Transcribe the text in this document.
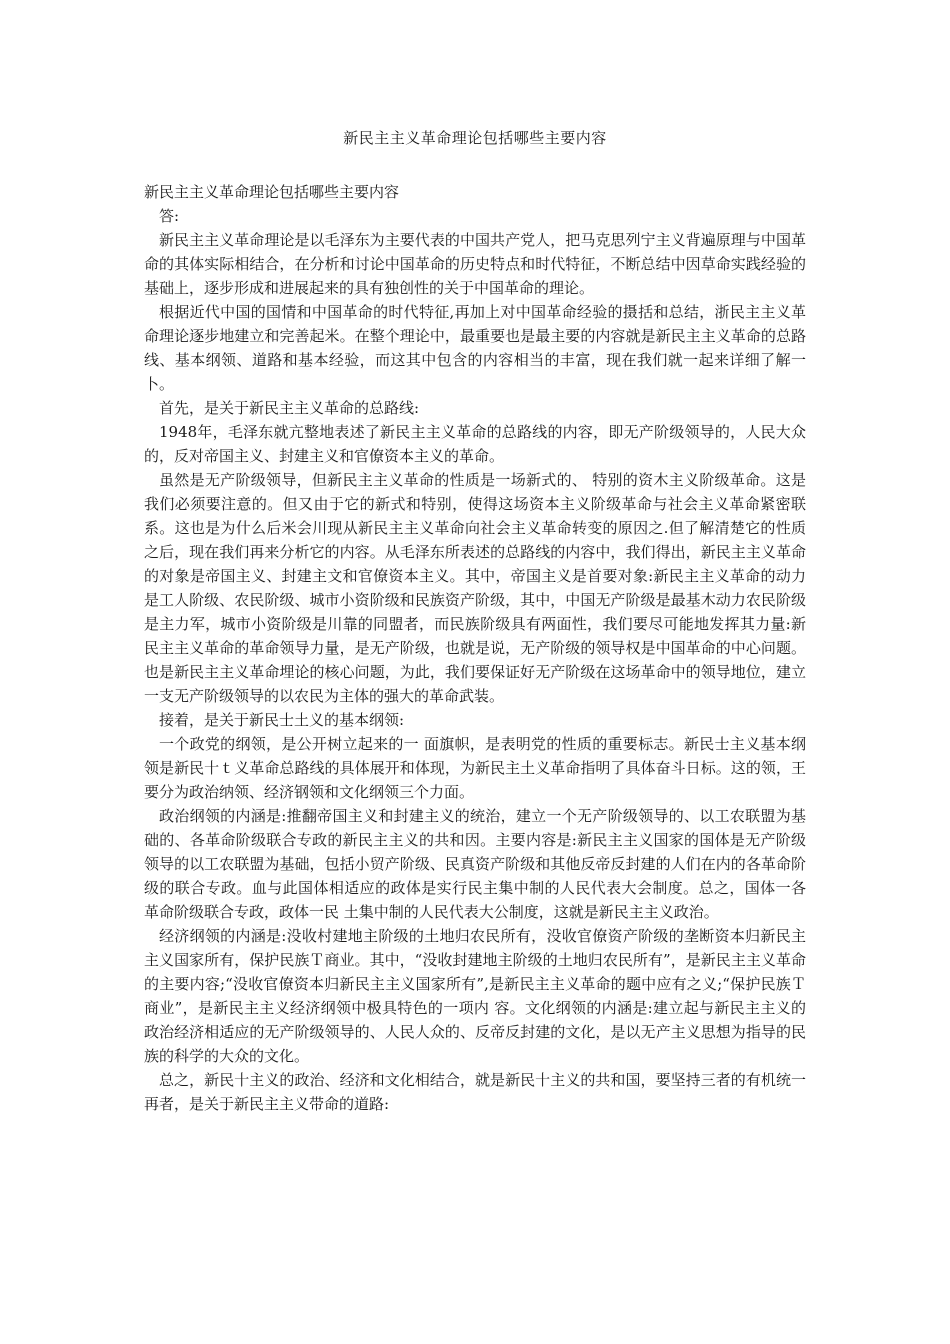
新民主主义革命理论包括哪些主要内容

新民主主义革命理论包括哪些主要内容

答:

新民主主义革命理论是以毛泽东为主要代表的中国共产党人，把马克思列宁主义背遍原理与中国革命的其体实际相结合，在分析和讨论中国革命的历史特点和时代特征，不断总结中因草命实践经验的基础上，逐步形成和进展起来的具有独创性的关于中国革命的理论。

根据近代中国的国情和中国革命的时代特征,再加上对中国革命经验的摄括和总结，浙民主主义革命理论逐步地建立和完善起米。在整个理论中，最重要也是最主要的内容就是新民主主义革命的总路线、基本纲领、道路和基本经验，而这其中包含的内容相当的丰富，现在我们就一起来详细了解一卜。

首先，是关于新民主主义革命的总路线:

1948年，毛泽东就亢整地表述了新民主主义革命的总路线的内容，即无产阶级领导的，人民大众的，反对帝国主义、封建主义和官僚资本主义的革命。

虽然是无产阶级领导，但新民主主义革命的性质是一场新式的、 特别的资木主义阶级革命。这是我们必须要注意的。但又由于它的新式和特别，使得这场资本主义阶级革命与社会主义革命紧密联系。这也是为什么后米会川现从新民主主义革命向社会主义革命转变的原因之.但了解清楚它的性质之后，现在我们再来分析它的内容。从毛泽东所表述的总路线的内容中，我们得出，新民主主义革命的对象是帝国主义、封建主文和官僚资本主义。其中，帝国主义是首要对象:新民主主义革命的动力是工人阶级、农民阶级、城市小资阶级和民族资产阶级，其中，中国无产阶级是最基木动力农民阶级是主力军，城市小资阶级是川靠的同盟者，而民族阶级具有两面性，我们要尽可能地发挥其力量:新民主主义革命的革命领导力量，是无产阶级，也就是说，无产阶级的领导权是中国革命的中心问题。也是新民主主义革命埋论的核心问题，为此，我们要保证好无产阶级在这场革命中的领导地位，建立一支无产阶级领导的以农民为主体的强大的革命武装。

接着，是关于新民士土义的基本纲领:

一个政党的纲领，是公开树立起来的一 面旗帜，是表明党的性质的重要标志。新民士主义基本纲领是新民十ｔ义革命总路线的具体展开和体现，为新民主土义革命指明了具体奋斗日标。这的领，王要分为政治纳领、经济钢领和文化纲领三个力面。

政治纲领的内涵是:推翻帝国主义和封建主义的统治，建立一个无产阶级领导的、以工农联盟为基础的、各革命阶级联合专政的新民主主义的共和因。主要内容是:新民主主义国家的国体是无产阶级领导的以工农联盟为基础，包括小贸产阶级、民真资产阶级和其他反帝反封建的人们在内的各革命阶级的联合专政。血与此国体相适应的政体是实行民主集中制的人民代表大会制度。总之，国体一各 革命阶级联合专政，政体一民 土集中制的人民代表大公制度，这就是新民主主义政治。

经济纲领的内涵是:没收村建地主阶级的土地归农民所有，没收官僚资产阶级的垄断资本归新民主主义国家所有，保护民族Ｔ商业。其中，“没收封建地主阶级的土地归农民所有”，是新民主主义革命的主要内容;“没收官僚资本归新民主主义国家所有”,是新民主主义革命的题中应有之义;“保护民族Ｔ商业”，是新民主主义经济纲领中极具特色的一项内 容。文化纲领的内涵是:建立起与新民主主义的政治经济相适应的无产阶级领导的、人民人众的、反帝反封建的文化，是以无产主义思想为指导的民族的科学的大众的文化。

总之，新民十主义的政治、经济和文化相结合，就是新民十主义的共和国，要坚持三者的有机统一再者，是关于新民主主义带命的道路:
